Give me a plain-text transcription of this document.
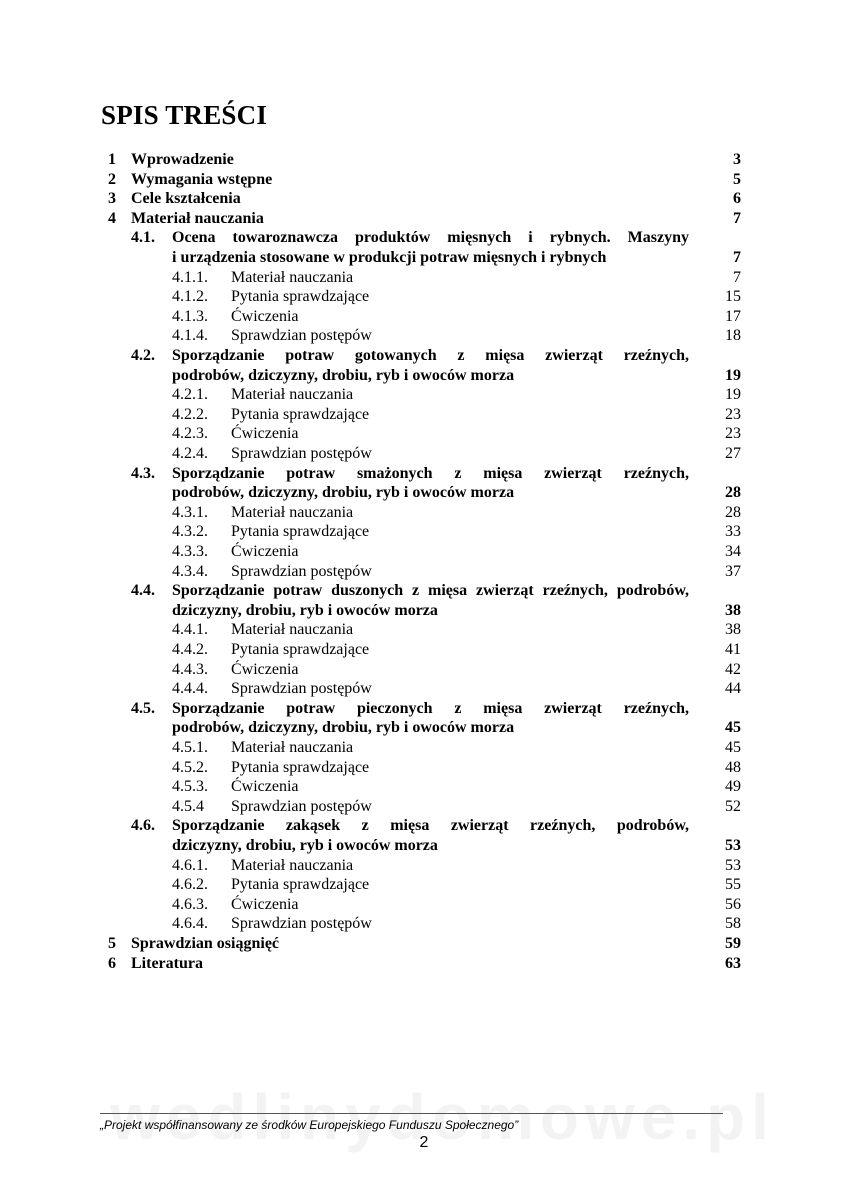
SPIS TREŚCI
1 Wprowadzenie	3
2 Wymagania wstępne	5
3 Cele kształcenia	6
4 Materiał nauczania	7
4.1. Ocena towaroznawcza produktów mięsnych i rybnych. Maszyny
i urządzenia stosowane w produkcji potraw mięsnych i rybnych	7
4.1.1. Materiał nauczania	7
4.1.2. Pytania sprawdzające	15
4.1.3. Ćwiczenia	17
4.1.4. Sprawdzian postępów	18
4.2. Sporządzanie potraw gotowanych z mięsa zwierząt rzeźnych,
podrobów, dziczyzny, drobiu, ryb i owoców morza	19
4.2.1. Materiał nauczania	19
4.2.2. Pytania sprawdzające	23
4.2.3. Ćwiczenia	23
4.2.4. Sprawdzian postępów	27
4.3. Sporządzanie potraw smażonych z mięsa zwierząt rzeźnych,
podrobów, dziczyzny, drobiu, ryb i owoców morza	28
4.3.1. Materiał nauczania	28
4.3.2. Pytania sprawdzające	33
4.3.3. Ćwiczenia	34
4.3.4. Sprawdzian postępów	37
4.4. Sporządzanie potraw duszonych z mięsa zwierząt rzeźnych, podrobów,
dziczyzny, drobiu, ryb i owoców morza	38
4.4.1. Materiał nauczania	38
4.4.2. Pytania sprawdzające	41
4.4.3. Ćwiczenia	42
4.4.4. Sprawdzian postępów	44
4.5. Sporządzanie potraw pieczonych z mięsa zwierząt rzeźnych,
podrobów, dziczyzny, drobiu, ryb i owoców morza	45
4.5.1. Materiał nauczania	45
4.5.2. Pytania sprawdzające	48
4.5.3. Ćwiczenia	49
4.5.4 Sprawdzian postępów	52
4.6. Sporządzanie zakąsek z mięsa zwierząt rzeźnych, podrobów,
dziczyzny, drobiu, ryb i owoców morza	53
4.6.1. Materiał nauczania	53
4.6.2. Pytania sprawdzające	55
4.6.3. Ćwiczenia	56
4.6.4. Sprawdzian postępów	58
5 Sprawdzian osiągnięć	59
6 Literatura	63
„Projekt współfinansowany ze środków Europejskiego Funduszu Społecznego”
2
